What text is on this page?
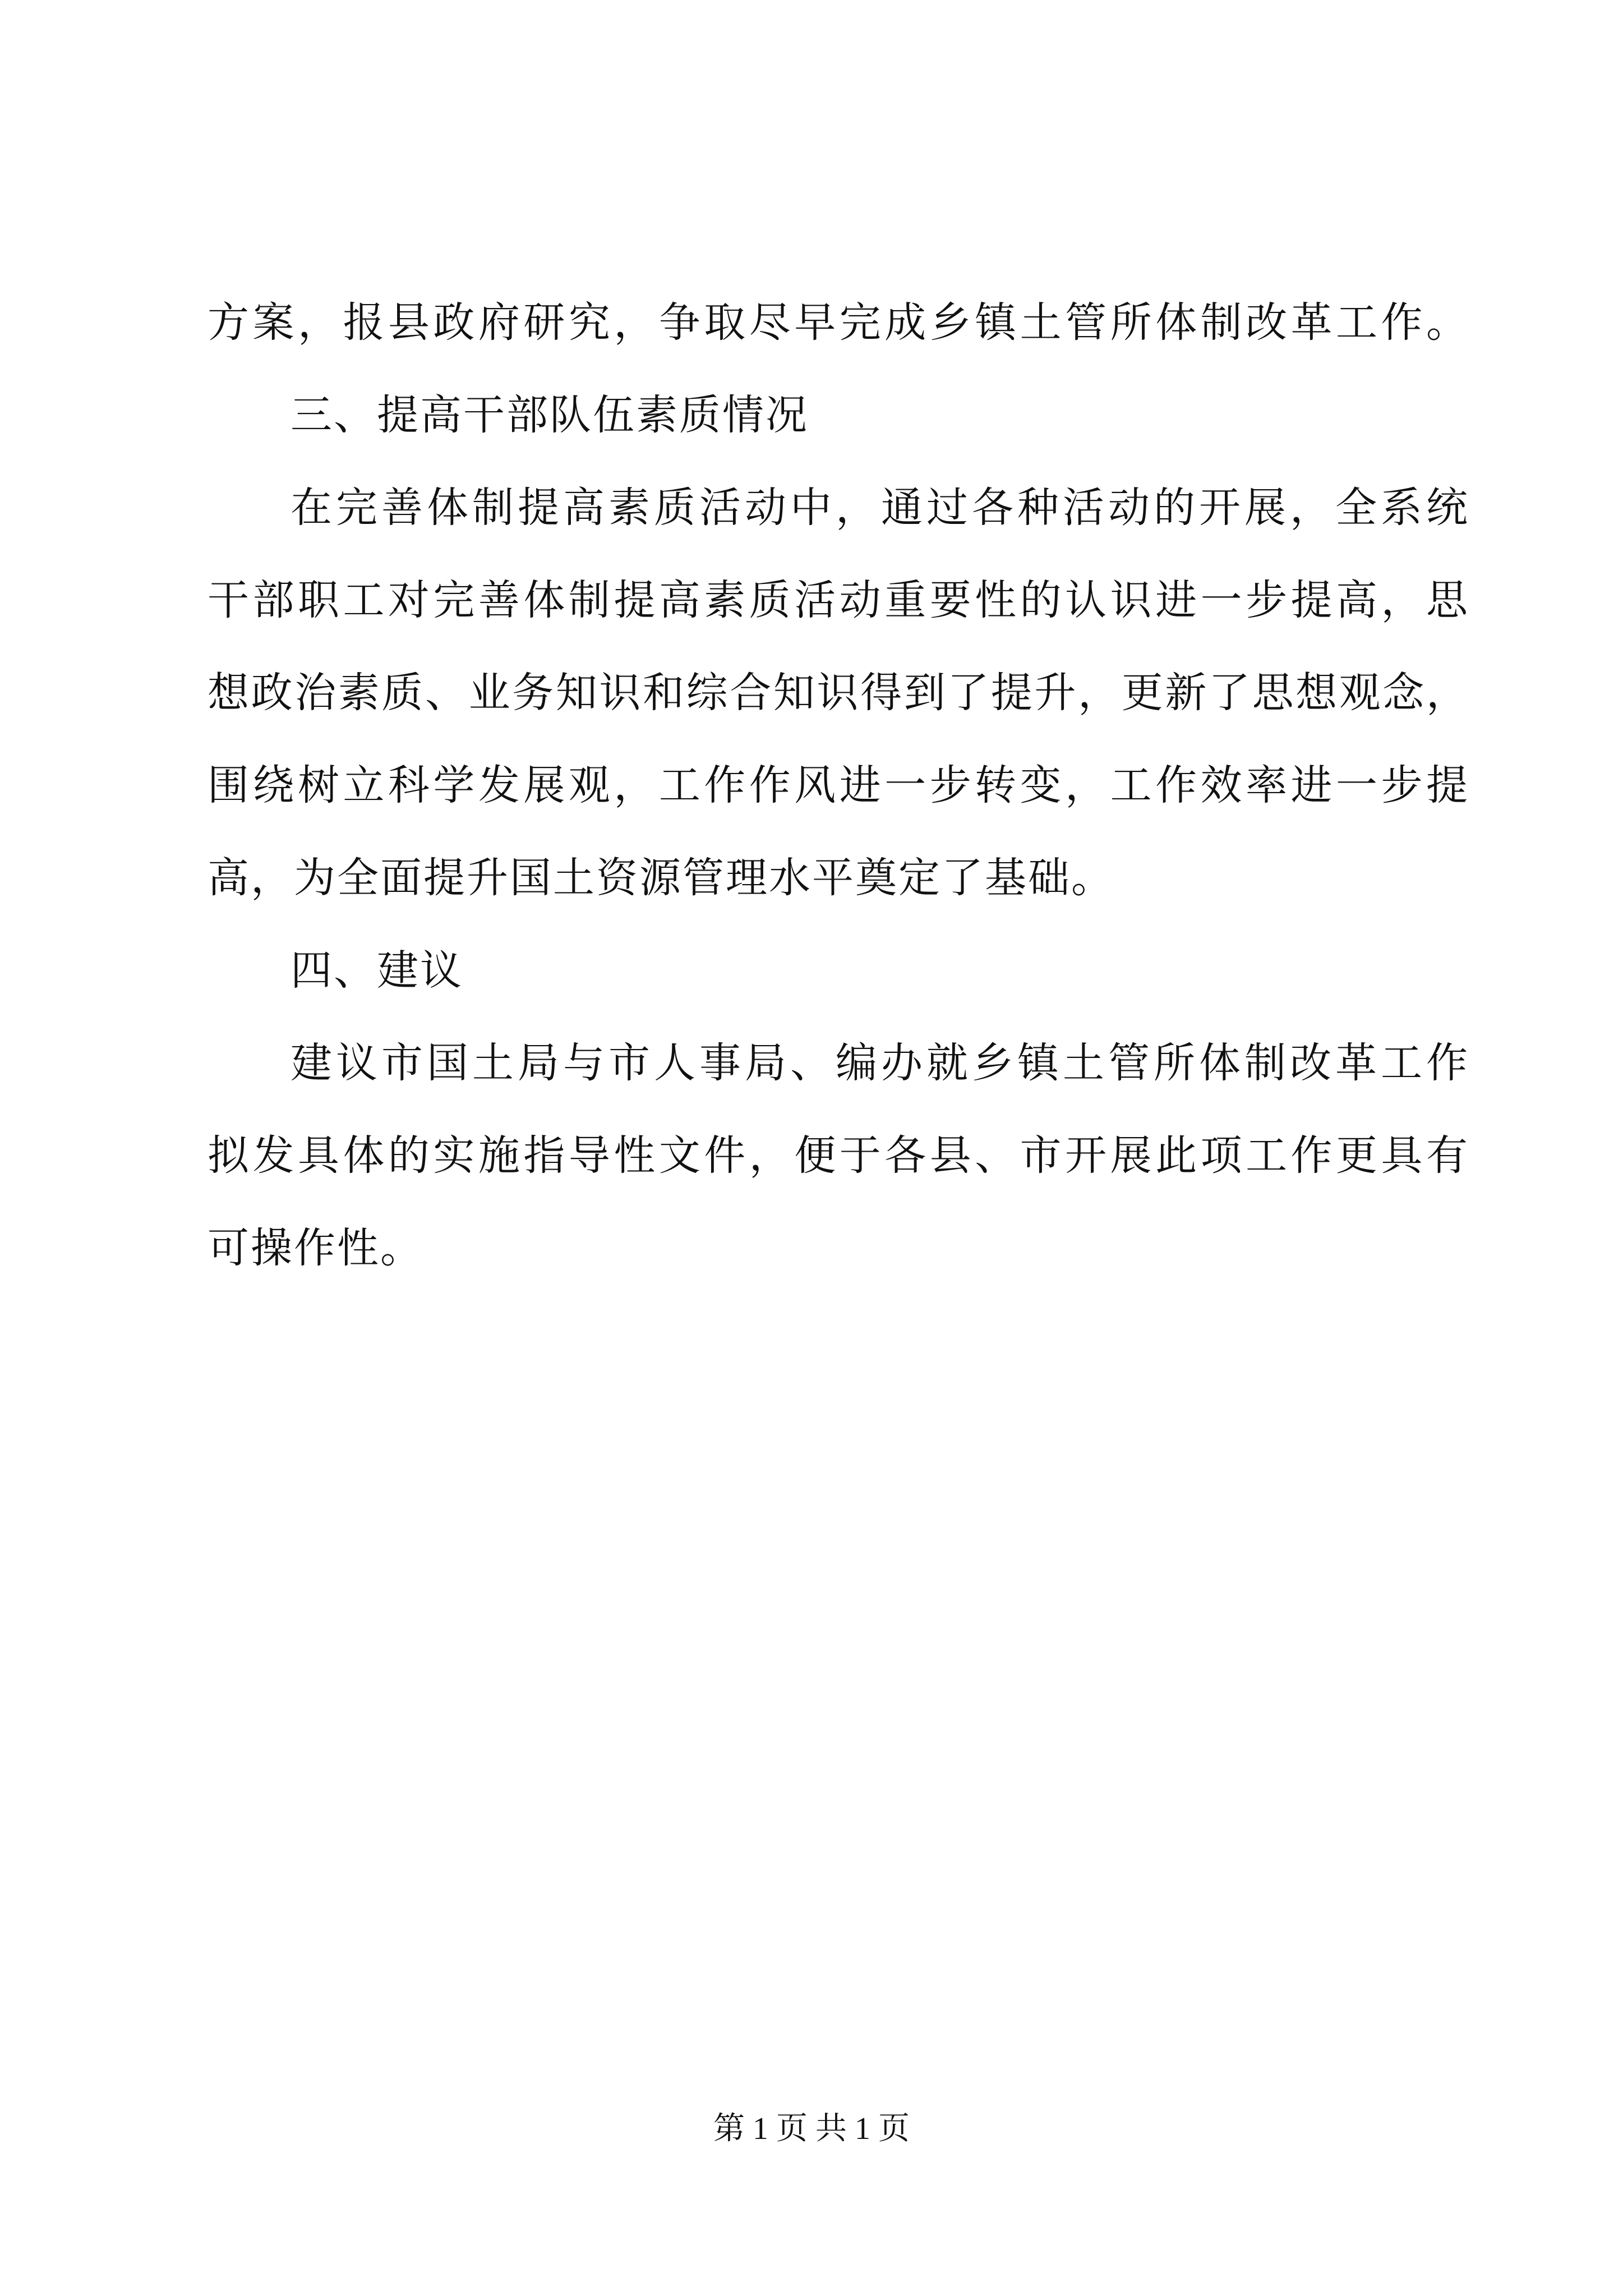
方案，报县政府研究，争取尽早完成乡镇土管所体制改革工作。
三、提高干部队伍素质情况
在完善体制提高素质活动中，通过各种活动的开展，全系统
干部职工对完善体制提高素质活动重要性的认识进一步提高，思
想政治素质、业务知识和综合知识得到了提升，更新了思想观念，
围绕树立科学发展观，工作作风进一步转变，工作效率进一步提
高，为全面提升国土资源管理水平奠定了基础。
四、建议
建议市国土局与市人事局、编办就乡镇土管所体制改革工作
拟发具体的实施指导性文件，便于各县、市开展此项工作更具有
可操作性。
第 1 页 共 1 页
